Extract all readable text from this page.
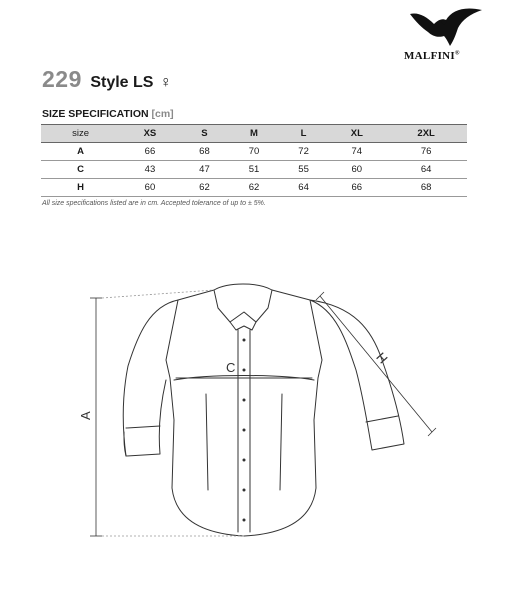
MALFINI®
229 Style LS ♀
SIZE SPECIFICATION [cm]
size	XS	S	M	L	XL	2XL
A	66	68	70	72	74	76
C	43	47	51	55	60	64
H	60	62	62	64	66	68
All size specifications listed are in cm. Accepted tolerance of up to ± 5%.
A
C
H
